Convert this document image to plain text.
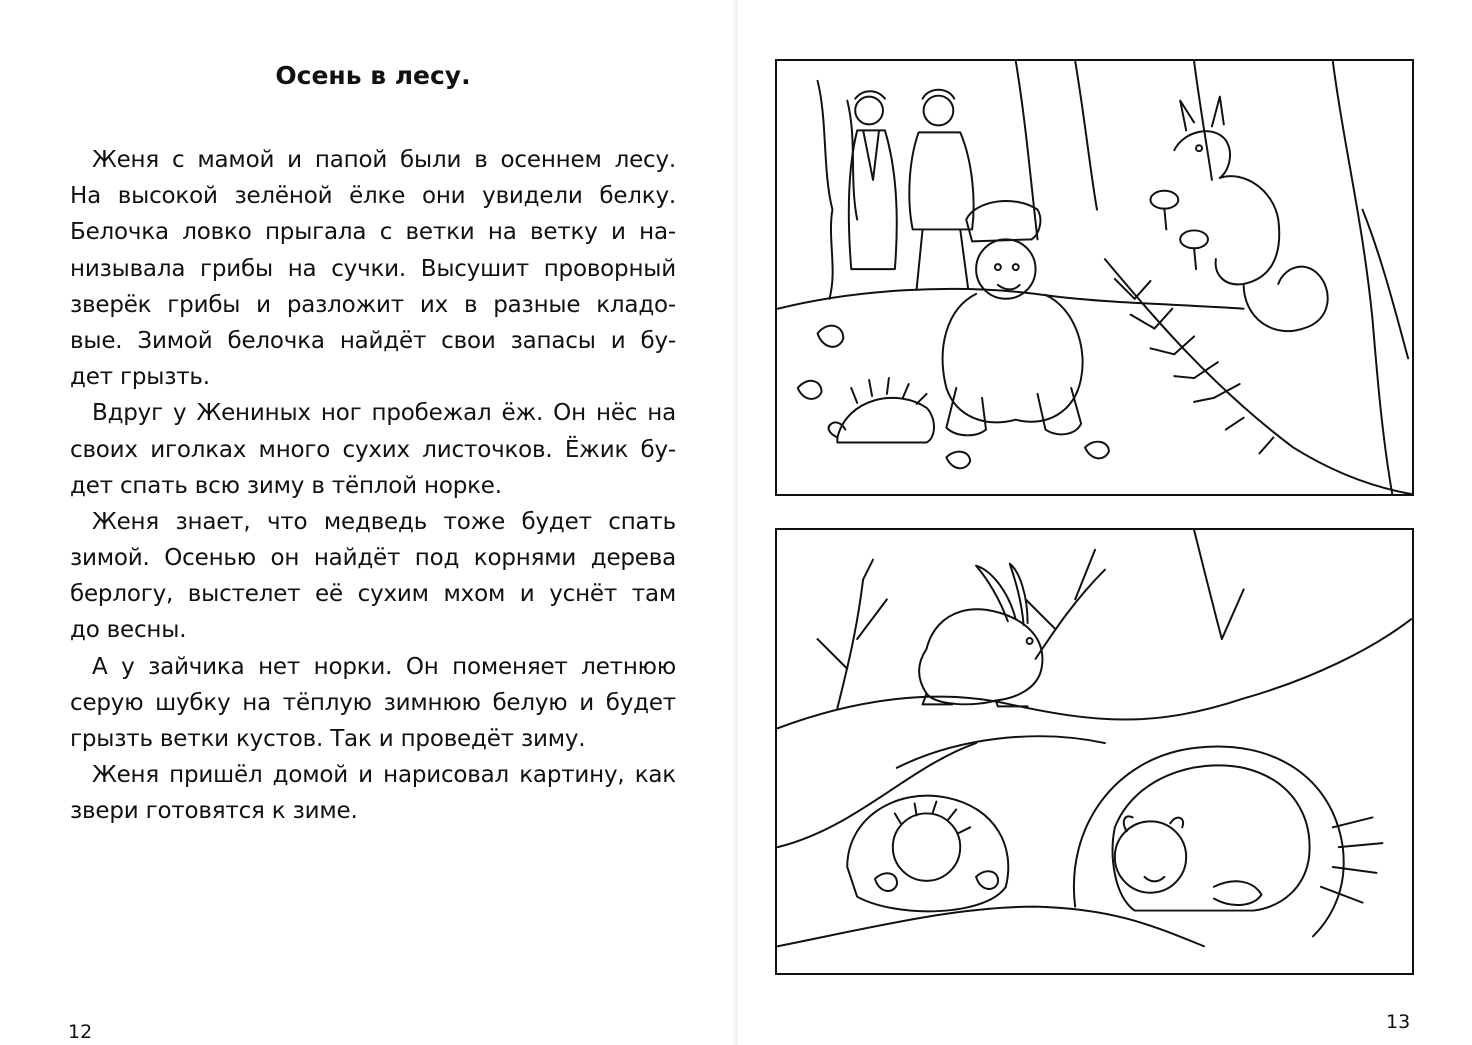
Осень в лесу.
Женя с мамой и папой были в осеннем лесу.
На высокой зелёной ёлке они увидели белку.
Белочка ловко прыгала с ветки на ветку и на-
низывала грибы на сучки. Высушит проворный
зверёк грибы и разложит их в разные кладо-
вые. Зимой белочка найдёт свои запасы и бу-
дет грызть.
Вдруг у Жениных ног пробежал ёж. Он нёс на
своих иголках много сухих листочков. Ёжик бу-
дет спать всю зиму в тёплой норке.
Женя знает, что медведь тоже будет спать
зимой. Осенью он найдёт под корнями дерева
берлогу, выстелет её сухим мхом и уснёт там
до весны.
А у зайчика нет норки. Он поменяет летнюю
серую шубку на тёплую зимнюю белую и будет
грызть ветки кустов. Так и проведёт зиму.
Женя пришёл домой и нарисовал картину, как
звери готовятся к зиме.
12	13
